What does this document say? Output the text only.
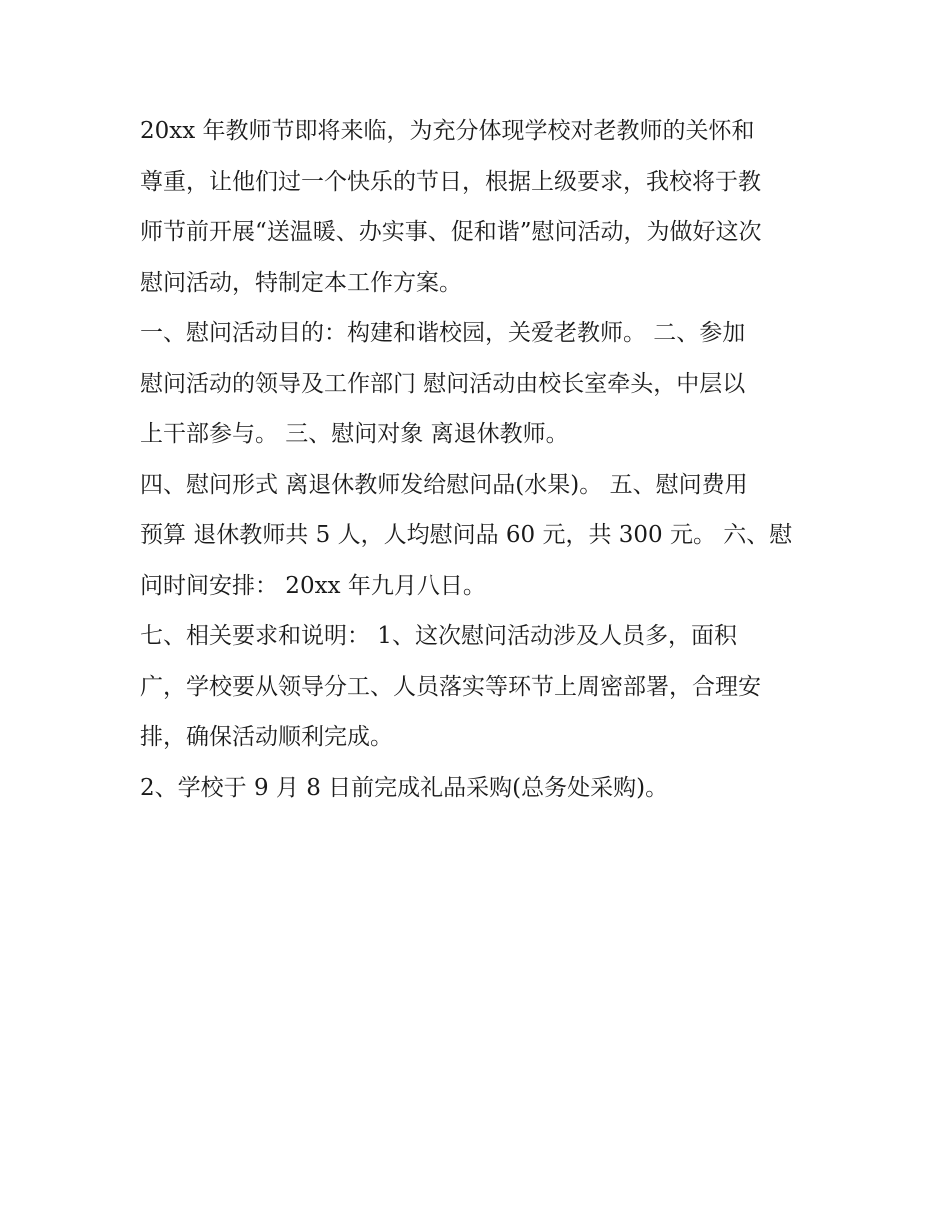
20xx 年教师节即将来临，为充分体现学校对老教师的关怀和
尊重，让他们过一个快乐的节日，根据上级要求，我校将于教
师节前开展“送温暖、办实事、促和谐”慰问活动，为做好这次
慰问活动，特制定本工作方案。
一、慰问活动目的：构建和谐校园，关爱老教师。 二、参加
慰问活动的领导及工作部门 慰问活动由校长室牵头，中层以
上干部参与。 三、慰问对象 离退休教师。
四、慰问形式 离退休教师发给慰问品(水果)。 五、慰问费用
预算 退休教师共 5 人，人均慰问品 60 元，共 300 元。 六、慰
问时间安排： 20xx 年九月八日。
七、相关要求和说明： 1、这次慰问活动涉及人员多，面积
广，学校要从领导分工、人员落实等环节上周密部署，合理安
排，确保活动顺利完成。
2、学校于 9 月 8 日前完成礼品采购(总务处采购)。
